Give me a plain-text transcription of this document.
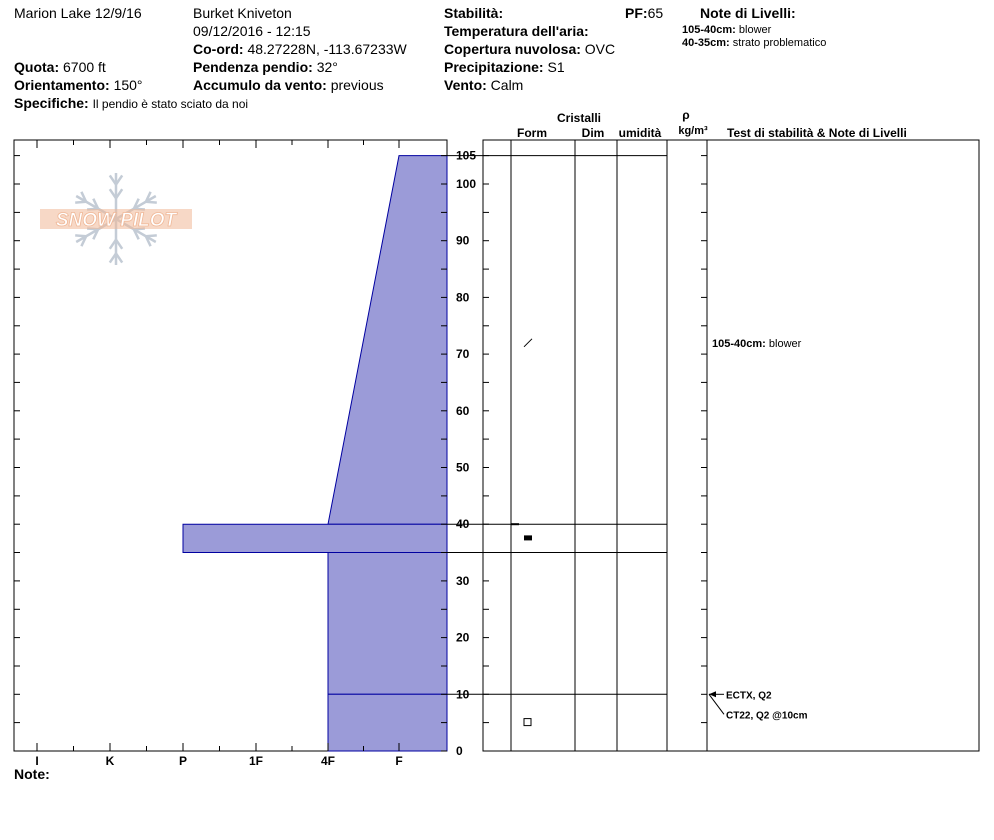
Marion Lake 12/9/16	Burket Kniveton
09/12/2016 - 12:15
Co-ord: 48.27228N, -113.67233W
Quota: 6700 ft	Pendenza pendio: 32°
Orientamento: 150°	Accumulo da vento: previous
Specifiche: Il pendio è stato sciato da noi
Stabilità:
Temperatura dell'aria:
Copertura nuvolosa: OVC
Precipitazione: S1
Vento: Calm
PF:65	Note di Livelli:
105-40cm: blower
40-35cm: strato problematico
Note:
SNOW PILOT
I	K	P	1F	4F	F
0
10
20
30
40
50
60
70
80
90
100
105
Cristalli
Form	Dim umidità
ρ
kg/m³ Test di stabilità & Note di Livelli
ECTX, Q2
CT22, Q2 @10cm
105-40cm: blower
